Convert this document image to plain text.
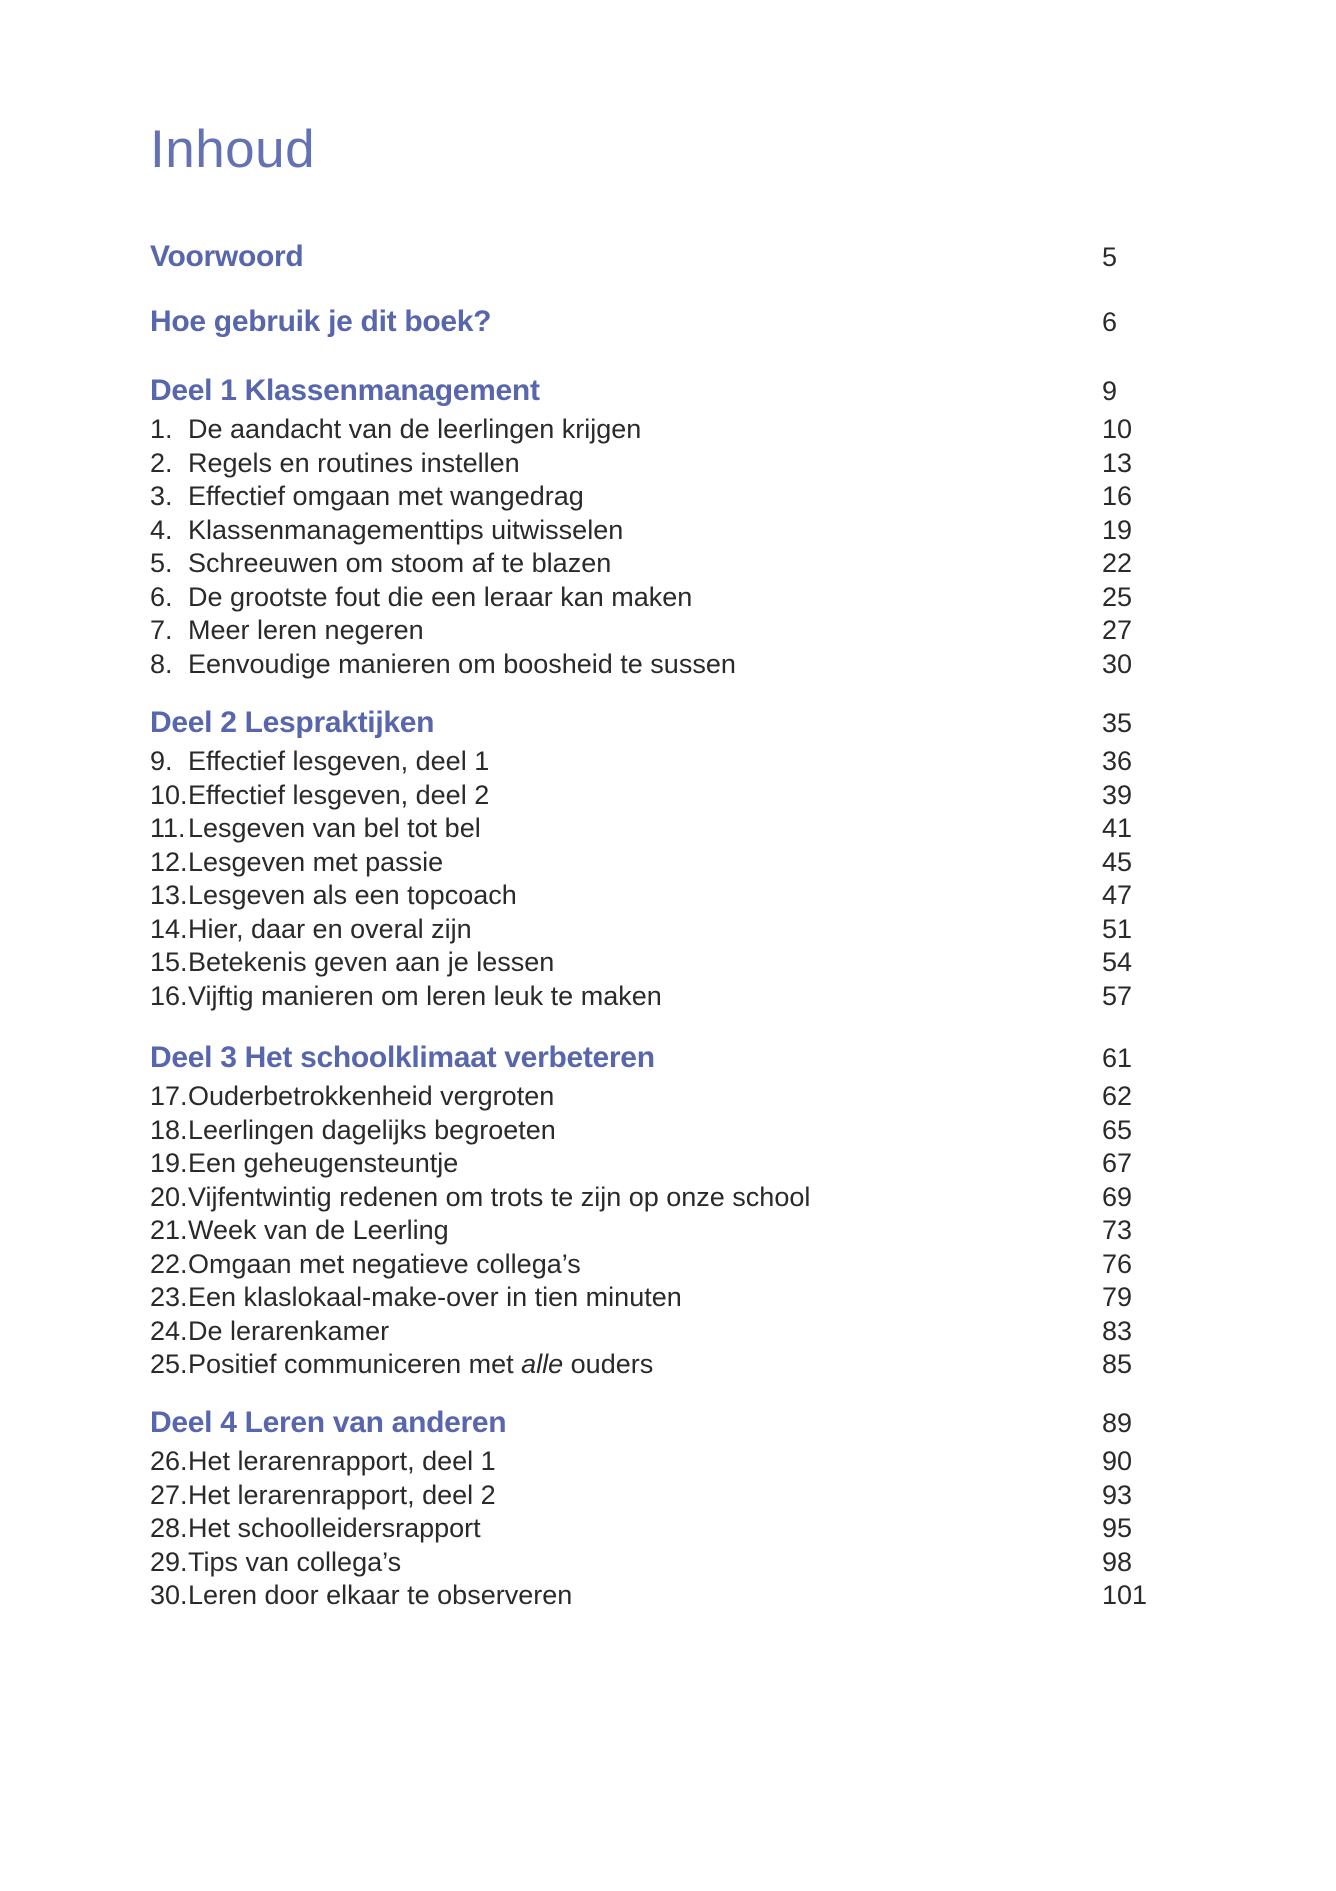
Inhoud
Voorwoord	5
Hoe gebruik je dit boek?	6
Deel 1 Klassenmanagement	9
1. De aandacht van de leerlingen krijgen	10
2. Regels en routines instellen	13
3. Effectief omgaan met wangedrag	16
4. Klassenmanagementtips uitwisselen	19
5. Schreeuwen om stoom af te blazen	22
6. De grootste fout die een leraar kan maken	25
7. Meer leren negeren	27
8. Eenvoudige manieren om boosheid te sussen	30
Deel 2 Lespraktijken	35
9. Effectief lesgeven, deel 1	36
10. Effectief lesgeven, deel 2	39
11. Lesgeven van bel tot bel	41
12. Lesgeven met passie	45
13. Lesgeven als een topcoach	47
14. Hier, daar en overal zijn	51
15. Betekenis geven aan je lessen	54
16. Vijftig manieren om leren leuk te maken	57
Deel 3 Het schoolklimaat verbeteren	61
17. Ouderbetrokkenheid vergroten	62
18. Leerlingen dagelijks begroeten	65
19. Een geheugensteuntje	67
20. Vijfentwintig redenen om trots te zijn op onze school	69
21. Week van de Leerling	73
22. Omgaan met negatieve collega’s	76
23. Een klaslokaal-make-over in tien minuten	79
24. De lerarenkamer	83
25. Positief communiceren met alle ouders	85
Deel 4 Leren van anderen	89
26. Het lerarenrapport, deel 1	90
27. Het lerarenrapport, deel 2	93
28. Het schoolleidersrapport	95
29. Tips van collega’s	98
30. Leren door elkaar te observeren	101
